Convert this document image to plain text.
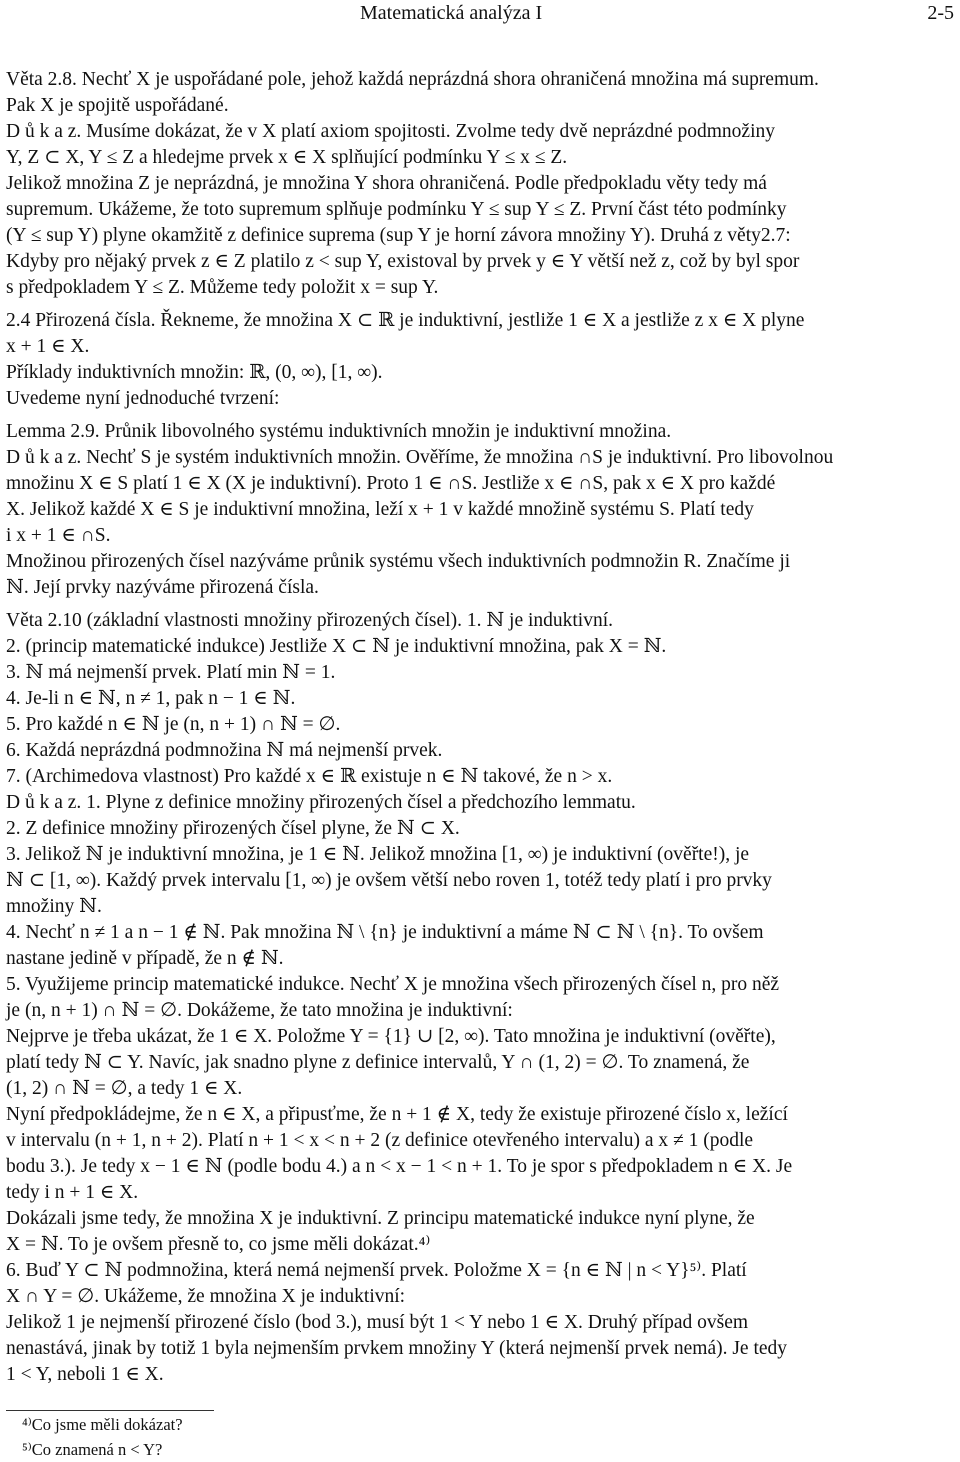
Matematická analýza I	2-5
Věta 2.8. Nechť X je uspořádané pole, jehož každá neprázdná shora ohraničená množina má supremum.
Pak X je spojitě uspořádané.
D ů k a z. Musíme dokázat, že v X platí axiom spojitosti. Zvolme tedy dvě neprázdné podmnožiny
Y, Z ⊂ X, Y ≤ Z a hledejme prvek x ∈ X splňující podmínku Y ≤ x ≤ Z.
Jelikož množina Z je neprázdná, je množina Y shora ohraničená. Podle předpokladu věty tedy má
supremum. Ukážeme, že toto supremum splňuje podmínku Y ≤ sup Y ≤ Z. První část této podmínky
(Y ≤ sup Y) plyne okamžitě z definice suprema (sup Y je horní závora množiny Y). Druhá z věty2.7:
Kdyby pro nějaký prvek z ∈ Z platilo z < sup Y, existoval by prvek y ∈ Y větší než z, což by byl spor
s předpokladem Y ≤ Z. Můžeme tedy položit x = sup Y.
2.4 Přirozená čísla. Řekneme, že množina X ⊂ ℝ je induktivní, jestliže 1 ∈ X a jestliže z x ∈ X plyne
x + 1 ∈ X.
Příklady induktivních množin: ℝ, (0, ∞), [1, ∞).
Uvedeme nyní jednoduché tvrzení:
Lemma 2.9. Průnik libovolného systému induktivních množin je induktivní množina.
D ů k a z. Nechť S je systém induktivních množin. Ověříme, že množina ∩S je induktivní. Pro libovolnou
množinu X ∈ S platí 1 ∈ X (X je induktivní). Proto 1 ∈ ∩S. Jestliže x ∈ ∩S, pak x ∈ X pro každé
X. Jelikož každé X ∈ S je induktivní množina, leží x + 1 v každé množině systému S. Platí tedy
i x + 1 ∈ ∩S.
Množinou přirozených čísel nazýváme průnik systému všech induktivních podmnožin R. Značíme ji
ℕ. Její prvky nazýváme přirozená čísla.
Věta 2.10 (základní vlastnosti množiny přirozených čísel). 1. ℕ je induktivní.
2. (princip matematické indukce) Jestliže X ⊂ ℕ je induktivní množina, pak X = ℕ.
3. ℕ má nejmenší prvek. Platí min ℕ = 1.
4. Je-li n ∈ ℕ, n ≠ 1, pak n − 1 ∈ ℕ.
5. Pro každé n ∈ ℕ je (n, n + 1) ∩ ℕ = ∅.
6. Každá neprázdná podmnožina ℕ má nejmenší prvek.
7. (Archimedova vlastnost) Pro každé x ∈ ℝ existuje n ∈ ℕ takové, že n > x.
D ů k a z. 1. Plyne z definice množiny přirozených čísel a předchozího lemmatu.
2. Z definice množiny přirozených čísel plyne, že ℕ ⊂ X.
3. Jelikož ℕ je induktivní množina, je 1 ∈ ℕ. Jelikož množina [1, ∞) je induktivní (ověřte!), je
ℕ ⊂ [1, ∞). Každý prvek intervalu [1, ∞) je ovšem větší nebo roven 1, totéž tedy platí i pro prvky
množiny ℕ.
4. Nechť n ≠ 1 a n − 1 ∉ ℕ. Pak množina ℕ \ {n} je induktivní a máme ℕ ⊂ ℕ \ {n}. To ovšem
nastane jedině v případě, že n ∉ ℕ.
5. Využijeme princip matematické indukce. Nechť X je množina všech přirozených čísel n, pro něž
je (n, n + 1) ∩ ℕ = ∅. Dokážeme, že tato množina je induktivní:
Nejprve je třeba ukázat, že 1 ∈ X. Položme Y = {1} ∪ [2, ∞). Tato množina je induktivní (ověřte),
platí tedy ℕ ⊂ Y. Navíc, jak snadno plyne z definice intervalů, Y ∩ (1, 2) = ∅. To znamená, že
(1, 2) ∩ ℕ = ∅, a tedy 1 ∈ X.
Nyní předpokládejme, že n ∈ X, a připusťme, že n + 1 ∉ X, tedy že existuje přirozené číslo x, ležící
v intervalu (n + 1, n + 2). Platí n + 1 < x < n + 2 (z definice otevřeného intervalu) a x ≠ 1 (podle
bodu 3.). Je tedy x − 1 ∈ ℕ (podle bodu 4.) a n < x − 1 < n + 1. To je spor s předpokladem n ∈ X. Je
tedy i n + 1 ∈ X.
Dokázali jsme tedy, že množina X je induktivní. Z principu matematické indukce nyní plyne, že
X = ℕ. To je ovšem přesně to, co jsme měli dokázat.⁴⁾
6. Buď Y ⊂ ℕ podmnožina, která nemá nejmenší prvek. Položme X = {n ∈ ℕ | n < Y}⁵⁾. Platí
X ∩ Y = ∅. Ukážeme, že množina X je induktivní:
Jelikož 1 je nejmenší přirozené číslo (bod 3.), musí být 1 < Y nebo 1 ∈ X. Druhý případ ovšem
nenastává, jinak by totiž 1 byla nejmenším prvkem množiny Y (která nejmenší prvek nemá). Je tedy
1 < Y, neboli 1 ∈ X.
⁴⁾Co jsme měli dokázat?
⁵⁾Co znamená n < Y?
